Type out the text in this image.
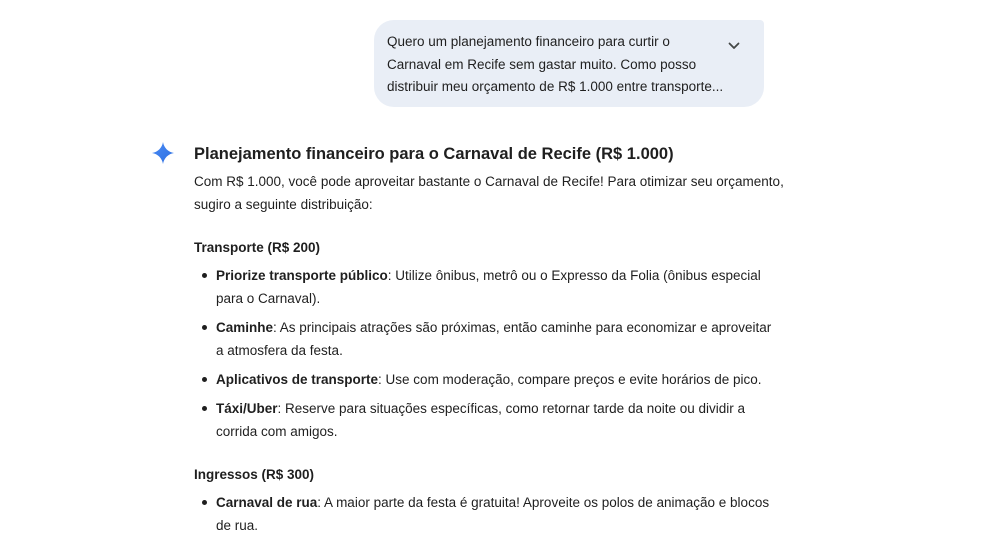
Quero um planejamento financeiro para curtir o
Carnaval em Recife sem gastar muito. Como posso
distribuir meu orçamento de R$ 1.000 entre transporte...
Planejamento financeiro para o Carnaval de Recife (R$ 1.000)
Com R$ 1.000, você pode aproveitar bastante o Carnaval de Recife! Para otimizar seu orçamento,
sugiro a seguinte distribuição:
Transporte (R$ 200)
Priorize transporte público: Utilize ônibus, metrô ou o Expresso da Folia (ônibus especial
para o Carnaval).
Caminhe: As principais atrações são próximas, então caminhe para economizar e aproveitar
a atmosfera da festa.
Aplicativos de transporte: Use com moderação, compare preços e evite horários de pico.
Táxi/Uber: Reserve para situações específicas, como retornar tarde da noite ou dividir a
corrida com amigos.
Ingressos (R$ 300)
Carnaval de rua: A maior parte da festa é gratuita! Aproveite os polos de animação e blocos
de rua.
